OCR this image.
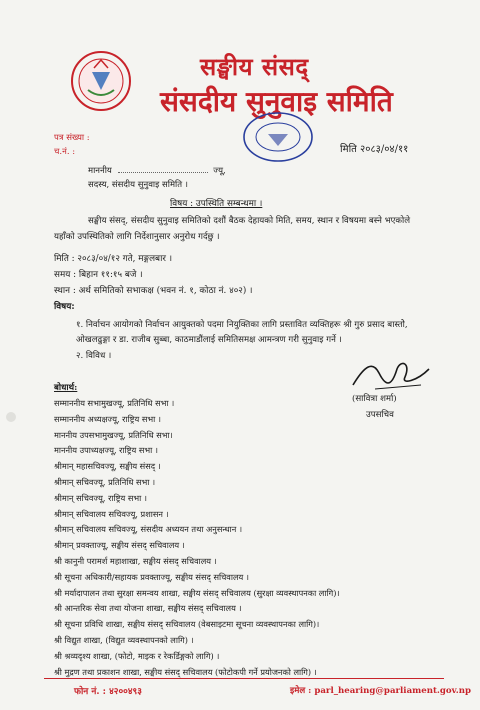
सङ्घीय संसद्
संसदीय सुनुवाइ समिति
पत्र संख्या :
च.नं. :	मिति २०८३/०४/११
माननीय	ज्यू,
सदस्य, संसदीय सुनुवाइ समिति ।
विषय : उपस्थिति सम्बन्धमा ।
सङ्घीय संसद्, संसदीय सुनुवाइ समितिको दशौं बैठक देहायको मिति, समय, स्थान र विषयमा बस्ने भएकोले यहाँको उपस्थितिको लागि निर्देशानुसार अनुरोध गर्दछु ।
मिति : २०८३/०४/१२ गते, मङ्गलबार ।
समय : बिहान ११:१५ बजे ।
स्थान : अर्थ समितिको सभाकक्ष (भवन नं. १, कोठा नं. ४०२) ।
विषय:
१. निर्वाचन आयोगको निर्वाचन आयुक्तको पदमा नियुक्तिका लागि प्रस्तावित व्यक्तिहरू श्री गुरु प्रसाद बास्तोे, ओखलढुङ्गा र डा. राजीब सुब्बा, काठमाडौंलाई समितिसमक्ष आमन्त्रण गरी सुनुवाइ गर्ने ।
२. विविध ।
(सावित्रा शर्मा)
उपसचिव
बोधार्थ:
सम्माननीय सभामुखज्यू, प्रतिनिधि सभा ।
सम्माननीय अध्यक्षज्यू, राष्ट्रिय सभा ।
माननीय उपसभामुखज्यू, प्रतिनिधि सभा।
माननीय उपाध्यक्षज्यू, राष्ट्रिय सभा ।
श्रीमान् महासचिवज्यू, सङ्घीय संसद् ।
श्रीमान् सचिवज्यू, प्रतिनिधि सभा ।
श्रीमान् सचिवज्यू, राष्ट्रिय सभा ।
श्रीमान् सचिवालय सचिवज्यू, प्रशासन ।
श्रीमान् सचिवालय सचिवज्यू, संसदीय अध्ययन तथा अनुसन्धान ।
श्रीमान् प्रवक्ताज्यू, सङ्घीय संसद् सचिवालय ।
श्री कानुनी परामर्श महाशाखा, सङ्घीय संसद् सचिवालय ।
श्री सूचना अधिकारी/सहायक प्रवक्ताज्यू, सङ्घीय संसद् सचिवालय ।
श्री मर्यादापालन तथा सुरक्षा समन्वय शाखा, सङ्घीय संसद् सचिवालय (सुरक्षा व्यवस्थापनका लागि)।
श्री आन्तरिक सेवा तथा योजना शाखा, सङ्घीय संसद् सचिवालय ।
श्री सूचना प्रविधि शाखा, सङ्घीय संसद् सचिवालय (वेबसाइटमा सूचना व्यवस्थापनका लागि)।
श्री विद्युत शाखा, (विद्युत व्यवस्थापनको लागि) ।
श्री श्रव्यदृश्य शाखा, (फोटो, माइक र रेकर्डिङ्गको लागि) ।
श्री मुद्रण तथा प्रकाशन शाखा, सङ्घीय संसद् सचिवालय (फोटोकपी गर्ने प्रयोजनको लागि) ।
फोन नं. : ४२००४९३	इमेल : parl_hearing@parliament.gov.np
